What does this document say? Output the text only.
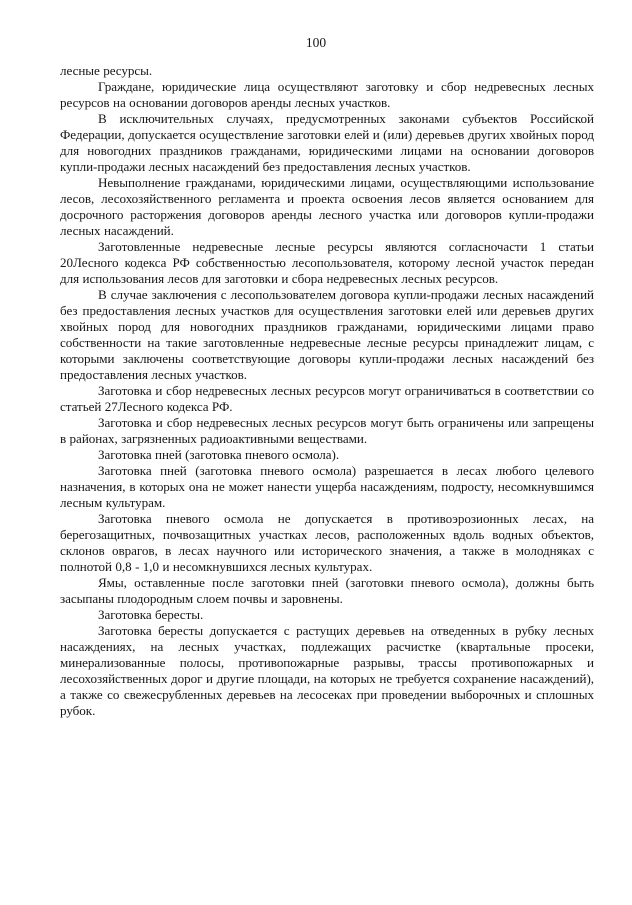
100

лесные ресурсы.

Граждане, юридические лица осуществляют заготовку и сбор недревесных лесных ресурсов на основании договоров аренды лесных участков.

В исключительных случаях, предусмотренных законами субъектов Российской Федерации, допускается осуществление заготовки елей и (или) деревьев других хвойных пород для новогодних праздников гражданами, юридическими лицами на основании договоров купли-продажи лесных насаждений без предоставления лесных участков.

Невыполнение гражданами, юридическими лицами, осуществляющими использование лесов, лесохозяйственного регламента и проекта освоения лесов является основанием для досрочного расторжения договоров аренды лесного участка или договоров купли-продажи лесных насаждений.

Заготовленные недревесные лесные ресурсы являются согласночасти 1 статьи 20Лесного кодекса РФ собственностью лесопользователя, которому лесной участок передан для использования лесов для заготовки и сбора недревесных лесных ресурсов.

В случае заключения с лесопользователем договора купли-продажи лесных насаждений без предоставления лесных участков для осуществления заготовки елей или деревьев других хвойных пород для новогодних праздников гражданами, юридическими лицами право собственности на такие заготовленные недревесные лесные ресурсы принадлежит лицам, с которыми заключены соответствующие договоры купли-продажи лесных насаждений без предоставления лесных участков.

Заготовка и сбор недревесных лесных ресурсов могут ограничиваться в соответствии со статьей 27Лесного кодекса РФ.

Заготовка и сбор недревесных лесных ресурсов могут быть ограничены или запрещены в районах, загрязненных радиоактивными веществами.

Заготовка пней (заготовка пневого осмола).

Заготовка пней (заготовка пневого осмола) разрешается в лесах любого целевого назначения, в которых она не может нанести ущерба насаждениям, подросту, несомкнувшимся лесным культурам.

Заготовка пневого осмола не допускается в противоэрозионных лесах, на берегозащитных, почвозащитных участках лесов, расположенных вдоль водных объектов, склонов оврагов, в лесах научного или исторического значения, а также в молодняках с полнотой 0,8 - 1,0 и несомкнувшихся лесных культурах.

Ямы, оставленные после заготовки пней (заготовки пневого осмола), должны быть засыпаны плодородным слоем почвы и заровнены.

Заготовка бересты.

Заготовка бересты допускается с растущих деревьев на отведенных в рубку лесных насаждениях, на лесных участках, подлежащих расчистке (квартальные просеки, минерализованные полосы, противопожарные разрывы, трассы противопожарных и лесохозяйственных дорог и другие площади, на которых не требуется сохранение насаждений), а также со свежесрубленных деревьев на лесосеках при проведении выборочных и сплошных рубок.
